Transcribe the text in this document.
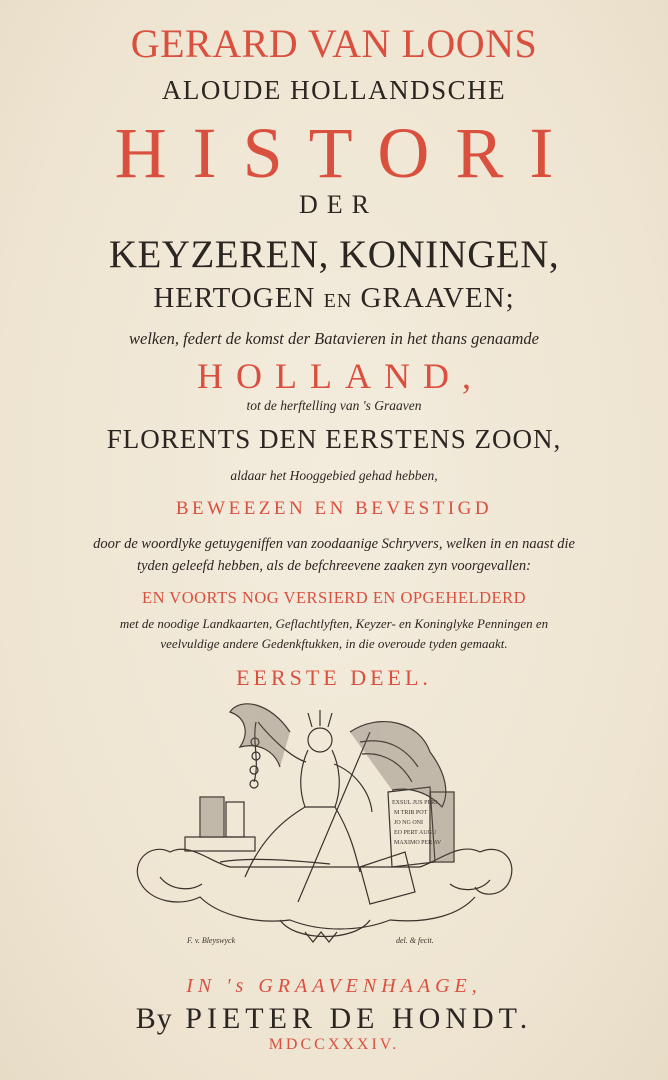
GERARD VAN LOONS
ALOUDE HOLLANDSCHE
HISTORI
DER
KEYZEREN, KONINGEN,
HERTOGEN EN GRAAVEN;
welken, federt de komst der Batavieren in het thans genaamde
HOLLAND,
tot de herftelling van 's Graaven
FLORENTS DEN EERSTENS ZOON,
aldaar het Hooggebied gehad hebben,
BEWEEZEN EN BEVESTIGD
door de woordlyke getuygeniffen van zoodaanige Schryvers, welken in en naast die
tyden geleefd hebben, als de befchreevene zaaken zyn voorgevallen:
EN VOORTS NOG VERSIERD EN OPGEHELDERD
met de noodige Landkaarten, Geflachtlyften, Keyzer- en Koninglyke Penningen en
veelvuldige andere Gedenkftukken, in die overoude tyden gemaakt.
EERSTE DEEL.
EXSUL JUS PERI
M TRIB POT
JO NG ONI
EO PERT AUGU
MAXIMO PER AV
F. v. Bleyswyck	del. & fecit.
IN 's GRAAVENHAAGE,
By PIETER DE HONDT.
MDCCXXXIV.
